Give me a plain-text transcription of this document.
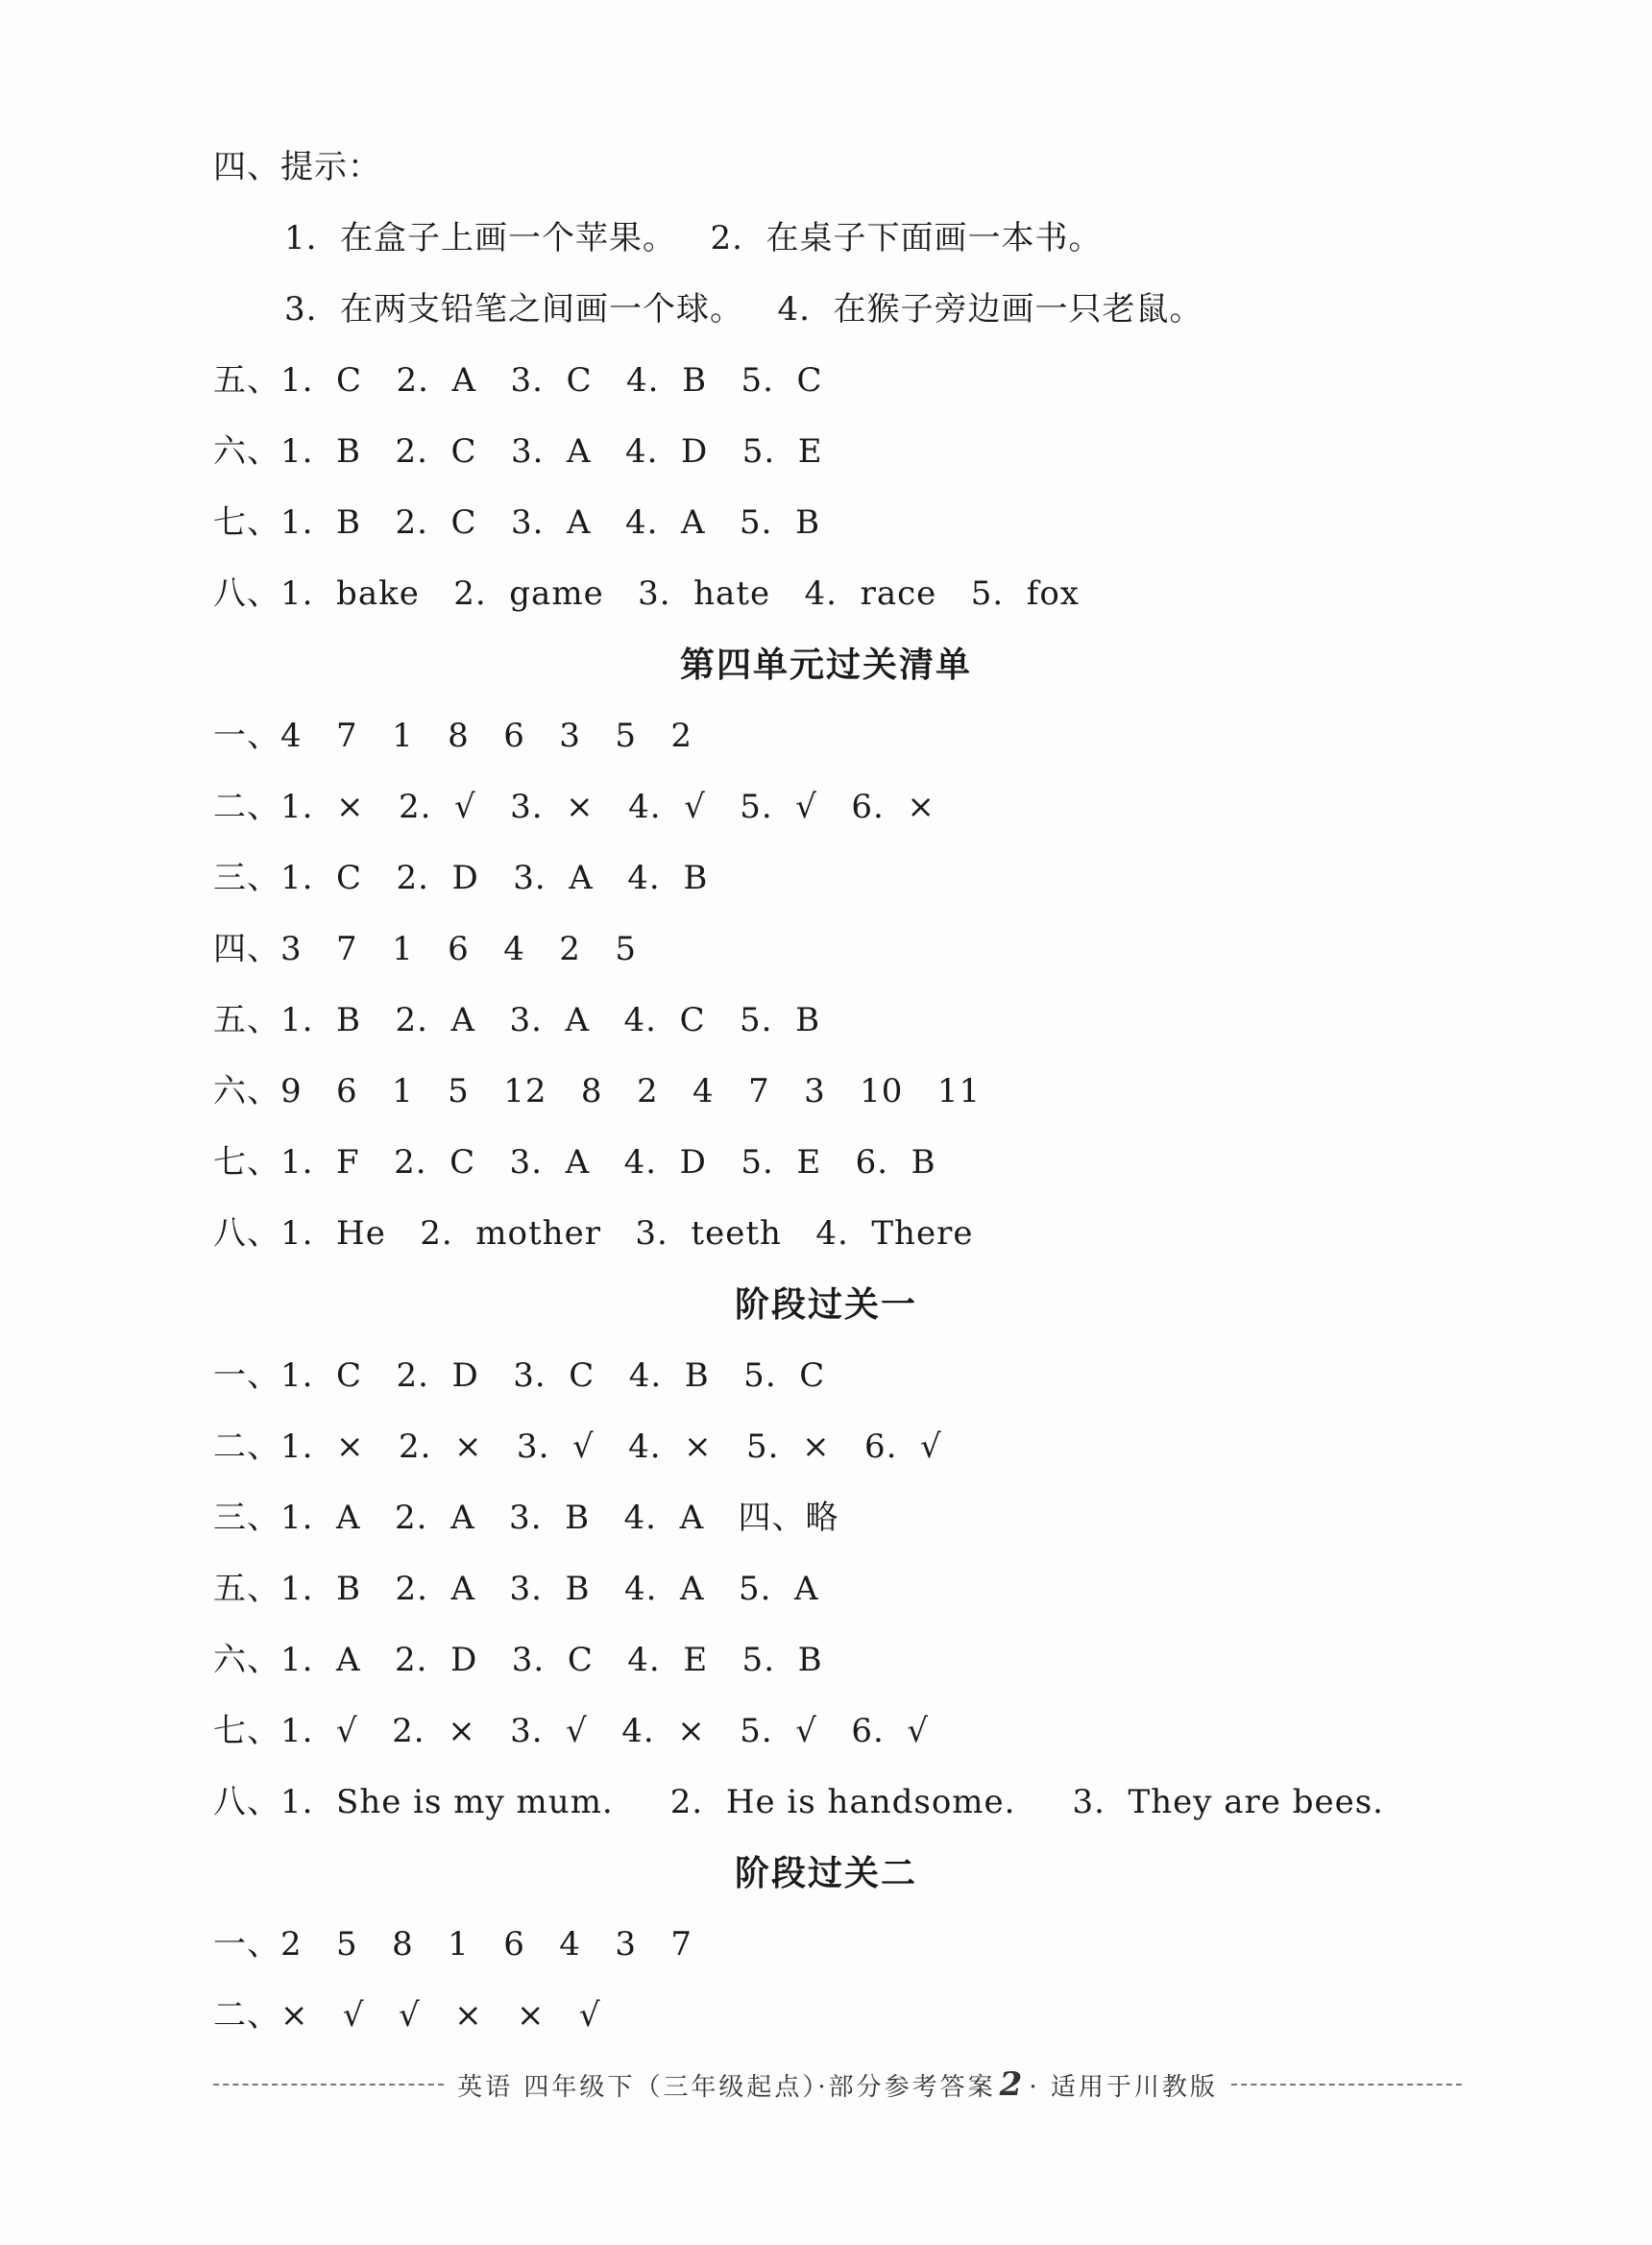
四、提示：
1.  在盒子上画一个苹果。   2.  在桌子下面画一本书。
3.  在两支铅笔之间画一个球。   4.  在猴子旁边画一只老鼠。
五、1.  C   2.  A   3.  C   4.  B   5.  C
六、1.  B   2.  C   3.  A   4.  D   5.  E
七、1.  B   2.  C   3.  A   4.  A   5.  B
八、1.  bake   2.  game   3.  hate   4.  race   5.  fox
第四单元过关清单
一、4   7   1   8   6   3   5   2
二、1.  ×   2.  √   3.  ×   4.  √   5.  √   6.  ×
三、1.  C   2.  D   3.  A   4.  B
四、3   7   1   6   4   2   5
五、1.  B   2.  A   3.  A   4.  C   5.  B
六、9   6   1   5   12   8   2   4   7   3   10   11
七、1.  F   2.  C   3.  A   4.  D   5.  E   6.  B
八、1.  He   2.  mother   3.  teeth   4.  There
阶段过关一
一、1.  C   2.  D   3.  C   4.  B   5.  C
二、1.  ×   2.  ×   3.  √   4.  ×   5.  ×   6.  √
三、1.  A   2.  A   3.  B   4.  A   四、略
五、1.  B   2.  A   3.  B   4.  A   5.  A
六、1.  A   2.  D   3.  C   4.  E   5.  B
七、1.  √   2.  ×   3.  √   4.  ×   5.  √   6.  √
八、1.  She is my mum.     2.  He is handsome.     3.  They are bees.
阶段过关二
一、2   5   8   1   6   4   3   7
二、×   √   √   ×   ×   √
英语 四年级下（三年级起点）·部分参考答案 2 · 适用于川教版
